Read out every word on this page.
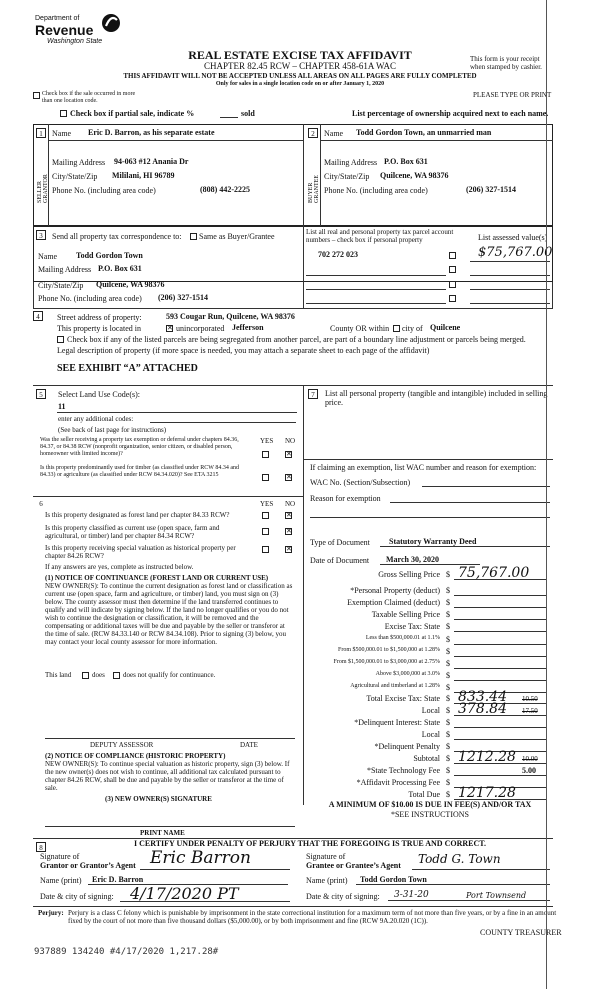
Department of
Revenue
Washington State
REAL ESTATE EXCISE TAX AFFIDAVIT
CHAPTER 82.45 RCW – CHAPTER 458-61A WAC
THIS AFFIDAVIT WILL NOT BE ACCEPTED UNLESS ALL AREAS ON ALL PAGES ARE FULLY COMPLETED
Only for sales in a single location code on or after January 1, 2020
This form is your receipt when stamped by cashier.
PLEASE TYPE OR PRINT
Check box if the sale occurred in more than one location code.
Check box if partial sale, indicate %	sold	List percentage of ownership acquired next to each name.
1
SELLER GRANTOR
Name Eric D. Barron, as his separate estate
Mailing Address 94-063 #12 Anania Dr
City/State/Zip Mililani, HI 96789
Phone No. (including area code)	(808) 442-2225
2
BUYER GRANTEE
Name Todd Gordon Town, an unmarried man
Mailing Address P.O. Box 631
City/State/Zip Quilcene, WA 98376
Phone No. (including area code)	(206) 327-1514
3	Send all property tax correspondence to: Same as Buyer/Grantee
Name Todd Gordon Town
Mailing Address P.O. Box 631
List all real and personal property tax parcel account numbers – check box if personal property	List assessed value(s)
702 272 023	$75,767.00
City/State/Zip Quilcene, WA 98376
Phone No. (including area code) (206) 327-1514
4	Street address of property:	593 Cougar Run, Quilcene, WA 98376
This property is located in
✕	unincorporated Jefferson	County OR within city of Quilcene
Check box if any of the listed parcels are being segregated from another parcel, are part of a boundary line adjustment or parcels being merged.
Legal description of property (if more space is needed, you may attach a separate sheet to each page of the affidavit)
SEE EXHIBIT “A” ATTACHED
5	Select Land Use Code(s):
11
enter any additional codes:
(See back of last page for instructions)
YES NO
Was the seller receiving a property tax exemption or deferral under chapters 84.36, 84.37, or 84.38 RCW (nonprofit organization, senior citizen, or disabled person, homeowner with limited income)?
✕
Is this property predominantly used for timber (as classified under RCW 84.34 and 84.33) or agriculture (as classified under RCW 84.34.020)? See ETA 3215
✕
6	YES NO
Is this property designated as forest land per chapter 84.33 RCW?
✕
Is this property classified as current use (open space, farm and agricultural, or timber) land per chapter 84.34 RCW?
✕
Is this property receiving special valuation as historical property per chapter 84.26 RCW?
✕
If any answers are yes, complete as instructed below.
(1) NOTICE OF CONTINUANCE (FOREST LAND OR CURRENT USE)
NEW OWNER(S): To continue the current designation as forest land or classification as current use (open space, farm and agriculture, or timber) land, you must sign on (3) below. The county assessor must then determine if the land transferred continues to qualify and will indicate by signing below. If the land no longer qualifies or you do not wish to continue the designation or classification, it will be removed and the compensating or additional taxes will be due and payable by the seller or transferor at the time of sale. (RCW 84.33.140 or RCW 84.34.108). Prior to signing (3) below, you may contact your local county assessor for more information.
This land	does	does not qualify for continuance.
DEPUTY ASSESSOR	DATE
(2) NOTICE OF COMPLIANCE (HISTORIC PROPERTY)
NEW OWNER(S): To continue special valuation as historic property, sign (3) below. If the new owner(s) does not wish to continue, all additional tax calculated pursuant to chapter 84.26 RCW, shall be due and payable by the seller or transferor at the time of sale.
(3) NEW OWNER(S) SIGNATURE
PRINT NAME
7	List all personal property (tangible and intangible) included in selling price.
If claiming an exemption, list WAC number and reason for exemption:
WAC No. (Section/Subsection)
Reason for exemption
Type of Document Statutory Warranty Deed
Date of Document March 30, 2020
Gross Selling Price $ 75,767.00
*Personal Property (deduct) $
Exemption Claimed (deduct) $
Taxable Selling Price $
Excise Tax: State $
Less than $500,000.01 at 1.1% $
From $500,000.01 to $1,500,000 at 1.28% $
From $1,500,000.01 to $3,000,000 at 2.75% $
Above $3,000,000 at 3.0% $
Agricultural and timberland at 1.28% $
Total Excise Tax: State $ 833.44 10.50
Local $ 378.84 17.50
*Delinquent Interest: State $
Local $
*Delinquent Penalty $
Subtotal $ 1212.28 10.00
*State Technology Fee $	5.00
*Affidavit Processing Fee $
Total Due $ 1217.28
A MINIMUM OF $10.00 IS DUE IN FEE(S) AND/OR TAX
*SEE INSTRUCTIONS
8	I CERTIFY UNDER PENALTY OF PERJURY THAT THE FOREGOING IS TRUE AND CORRECT.
Signature of
Grantor or Grantor’s Agent Eric Barron
Name (print) Eric D. Barron
Date & city of signing: 4/17/2020 PT
Signature of
Grantee or Grantee’s Agent Todd G. Town
Name (print) Todd Gordon Town
Date & city of signing: 3-31-20	Port Townsend
Perjury: Perjury is a class C felony which is punishable by imprisonment in the state correctional institution for a maximum term of not more than five years, or by a fine in an amount fixed by the court of not more than five thousand dollars ($5,000.00), or by both imprisonment and fine (RCW 9A.20.020 (1C)).
COUNTY TREASURER
937889 134240 #4/17/2020 1,217.28#
